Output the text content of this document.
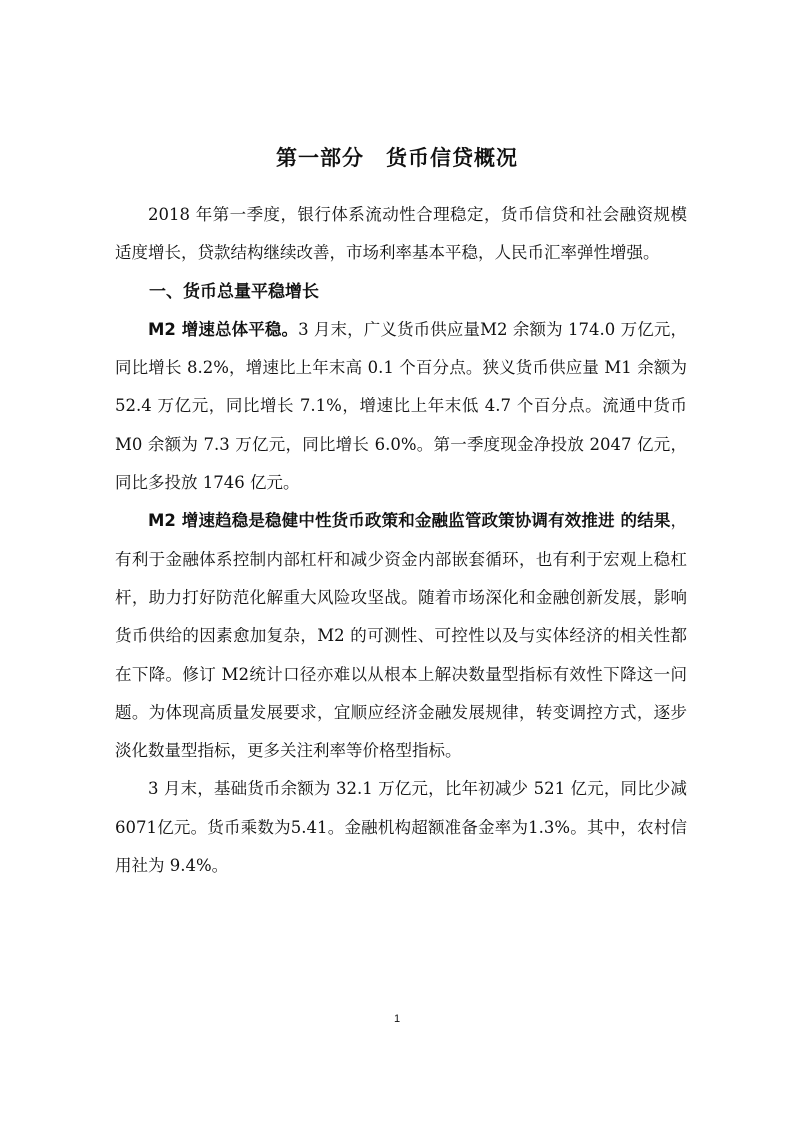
第一部分　货币信贷概况

2018 年第一季度，银行体系流动性合理稳定，货币信贷和社会融资规模适度增长，贷款结构继续改善，市场利率基本平稳，人民币汇率弹性增强。

一、货币总量平稳增长

M2 增速总体平稳。3 月末，广义货币供应量M2 余额为 174.0 万亿元，同比增长 8.2%，增速比上年末高 0.1 个百分点。狭义货币供应量 M1 余额为 52.4 万亿元，同比增长 7.1%，增速比上年末低 4.7 个百分点。流通中货币 M0 余额为 7.3 万亿元，同比增长 6.0%。第一季度现金净投放 2047 亿元，同比多投放 1746 亿元。

M2 增速趋稳是稳健中性货币政策和金融监管政策协调有效推进 的结果，有利于金融体系控制内部杠杆和减少资金内部嵌套循环，也有利于宏观上稳杠杆，助力打好防范化解重大风险攻坚战。随着市场深化和金融创新发展，影响货币供给的因素愈加复杂，M2 的可测性、可控性以及与实体经济的相关性都在下降。修订 M2统计口径亦难以从根本上解决数量型指标有效性下降这一问题。为体现高质量发展要求，宜顺应经济金融发展规律，转变调控方式，逐步淡化数量型指标，更多关注利率等价格型指标。

3 月末，基础货币余额为 32.1 万亿元，比年初减少 521 亿元，同比少减6071亿元。货币乘数为5.41。金融机构超额准备金率为1.3%。其中，农村信用社为 9.4%。

1
